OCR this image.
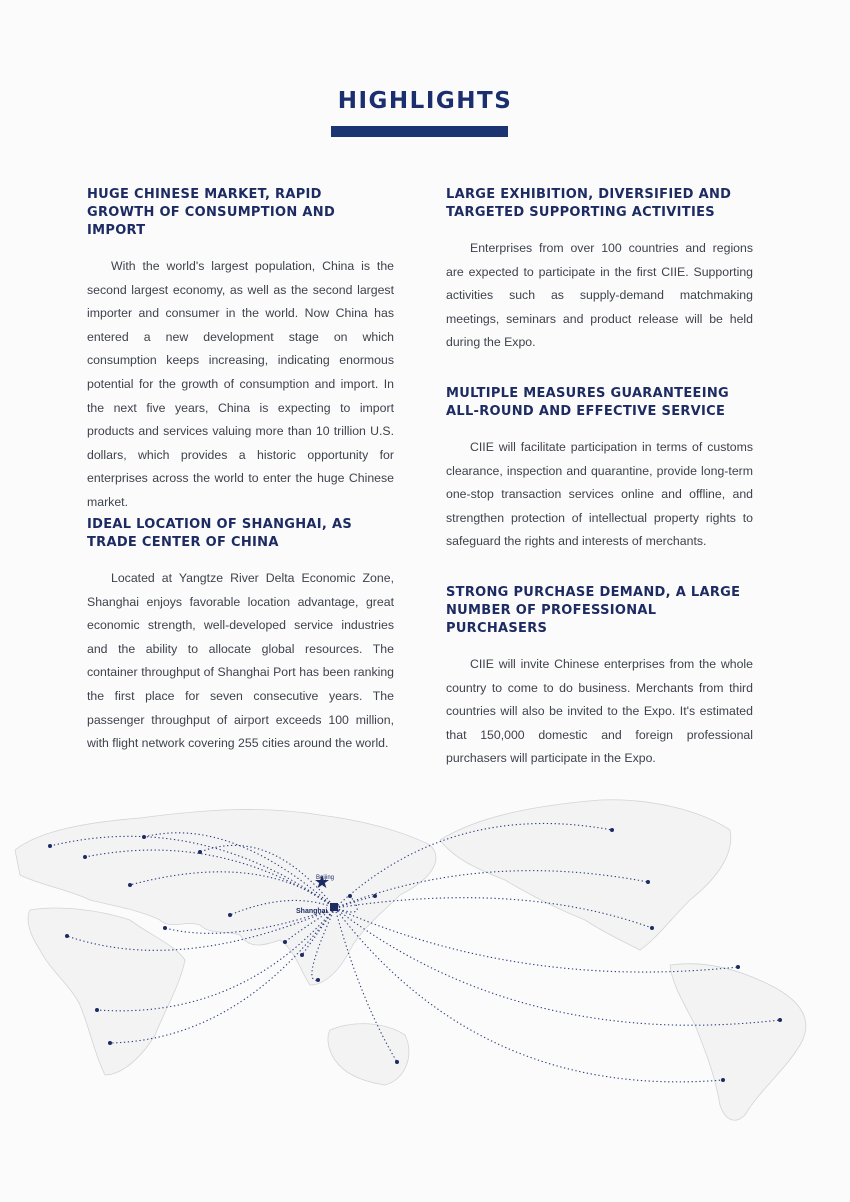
HIGHLIGHTS
HUGE CHINESE MARKET, RAPID GROWTH OF CONSUMPTION AND IMPORT

With the world's largest population, China is the second largest economy, as well as the second largest importer and consumer in the world. Now China has entered a new development stage on which consumption keeps increasing, indicating enormous potential for the growth of consumption and import. In the next five years, China is expecting to import products and services valuing more than 10 trillion U.S. dollars, which provides a historic opportunity for enterprises across the world to enter the huge Chinese market.

IDEAL LOCATION OF SHANGHAI, AS TRADE CENTER OF CHINA

Located at Yangtze River Delta Economic Zone, Shanghai enjoys favorable location advantage, great economic strength, well-developed service industries and the ability to allocate global resources. The container throughput of Shanghai Port has been ranking the first place for seven consecutive years. The passenger throughput of airport exceeds 100 million, with flight network covering 255 cities around the world.

LARGE EXHIBITION, DIVERSIFIED AND TARGETED SUPPORTING ACTIVITIES

Enterprises from over 100 countries and regions are expected to participate in the first CIIE. Supporting activities such as supply-demand matchmaking meetings, seminars and product release will be held during the Expo.

MULTIPLE MEASURES GUARANTEEING ALL-ROUND AND EFFECTIVE SERVICE

CIIE will facilitate participation in terms of customs clearance, inspection and quarantine, provide long-term one-stop transaction services online and offline, and strengthen protection of intellectual property rights to safeguard the rights and interests of merchants.

STRONG PURCHASE DEMAND, A LARGE NUMBER OF PROFESSIONAL PURCHASERS

CIIE will invite Chinese enterprises from the whole country to come to do business. Merchants from third countries will also be invited to the Expo. It's estimated that 150,000 domestic and foreign professional purchasers will participate in the Expo.

Beijing
Shanghai
